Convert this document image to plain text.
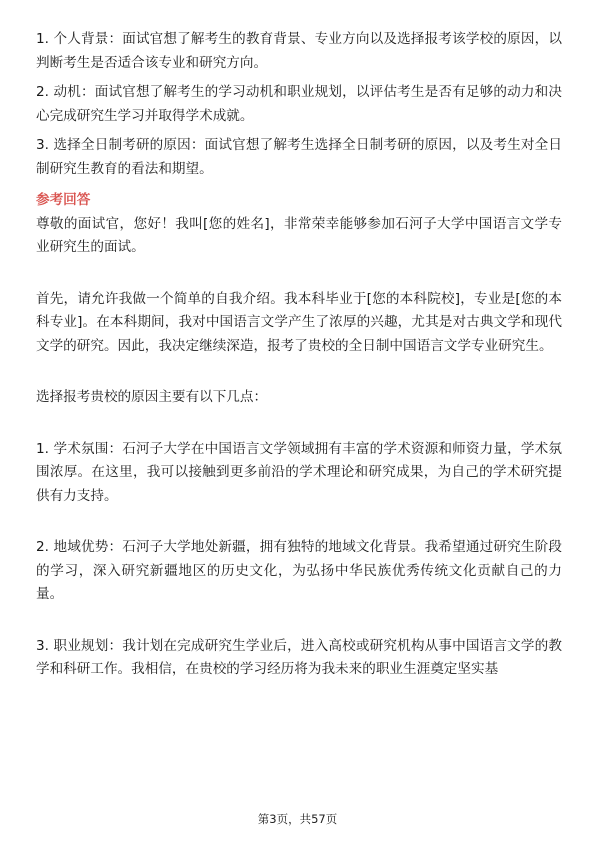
1. 个人背景：面试官想了解考生的教育背景、专业方向以及选择报考该学校的原因，以判断考生是否适合该专业和研究方向。

2. 动机：面试官想了解考生的学习动机和职业规划，以评估考生是否有足够的动力和决心完成研究生学习并取得学术成就。

3. 选择全日制考研的原因：面试官想了解考生选择全日制考研的原因，以及考生对全日制研究生教育的看法和期望。

参考回答

尊敬的面试官，您好！我叫[您的姓名]，非常荣幸能够参加石河子大学中国语言文学专业研究生的面试。

首先，请允许我做一个简单的自我介绍。我本科毕业于[您的本科院校]，专业是[您的本科专业]。在本科期间，我对中国语言文学产生了浓厚的兴趣，尤其是对古典文学和现代文学的研究。因此，我决定继续深造，报考了贵校的全日制中国语言文学专业研究生。

选择报考贵校的原因主要有以下几点：

1. 学术氛围：石河子大学在中国语言文学领域拥有丰富的学术资源和师资力量，学术氛围浓厚。在这里，我可以接触到更多前沿的学术理论和研究成果，为自己的学术研究提供有力支持。

2. 地域优势：石河子大学地处新疆，拥有独特的地域文化背景。我希望通过研究生阶段的学习，深入研究新疆地区的历史文化，为弘扬中华民族优秀传统文化贡献自己的力量。

3. 职业规划：我计划在完成研究生学业后，进入高校或研究机构从事中国语言文学的教学和科研工作。我相信，在贵校的学习经历将为我未来的职业生涯奠定坚实基

第3页，共57页
